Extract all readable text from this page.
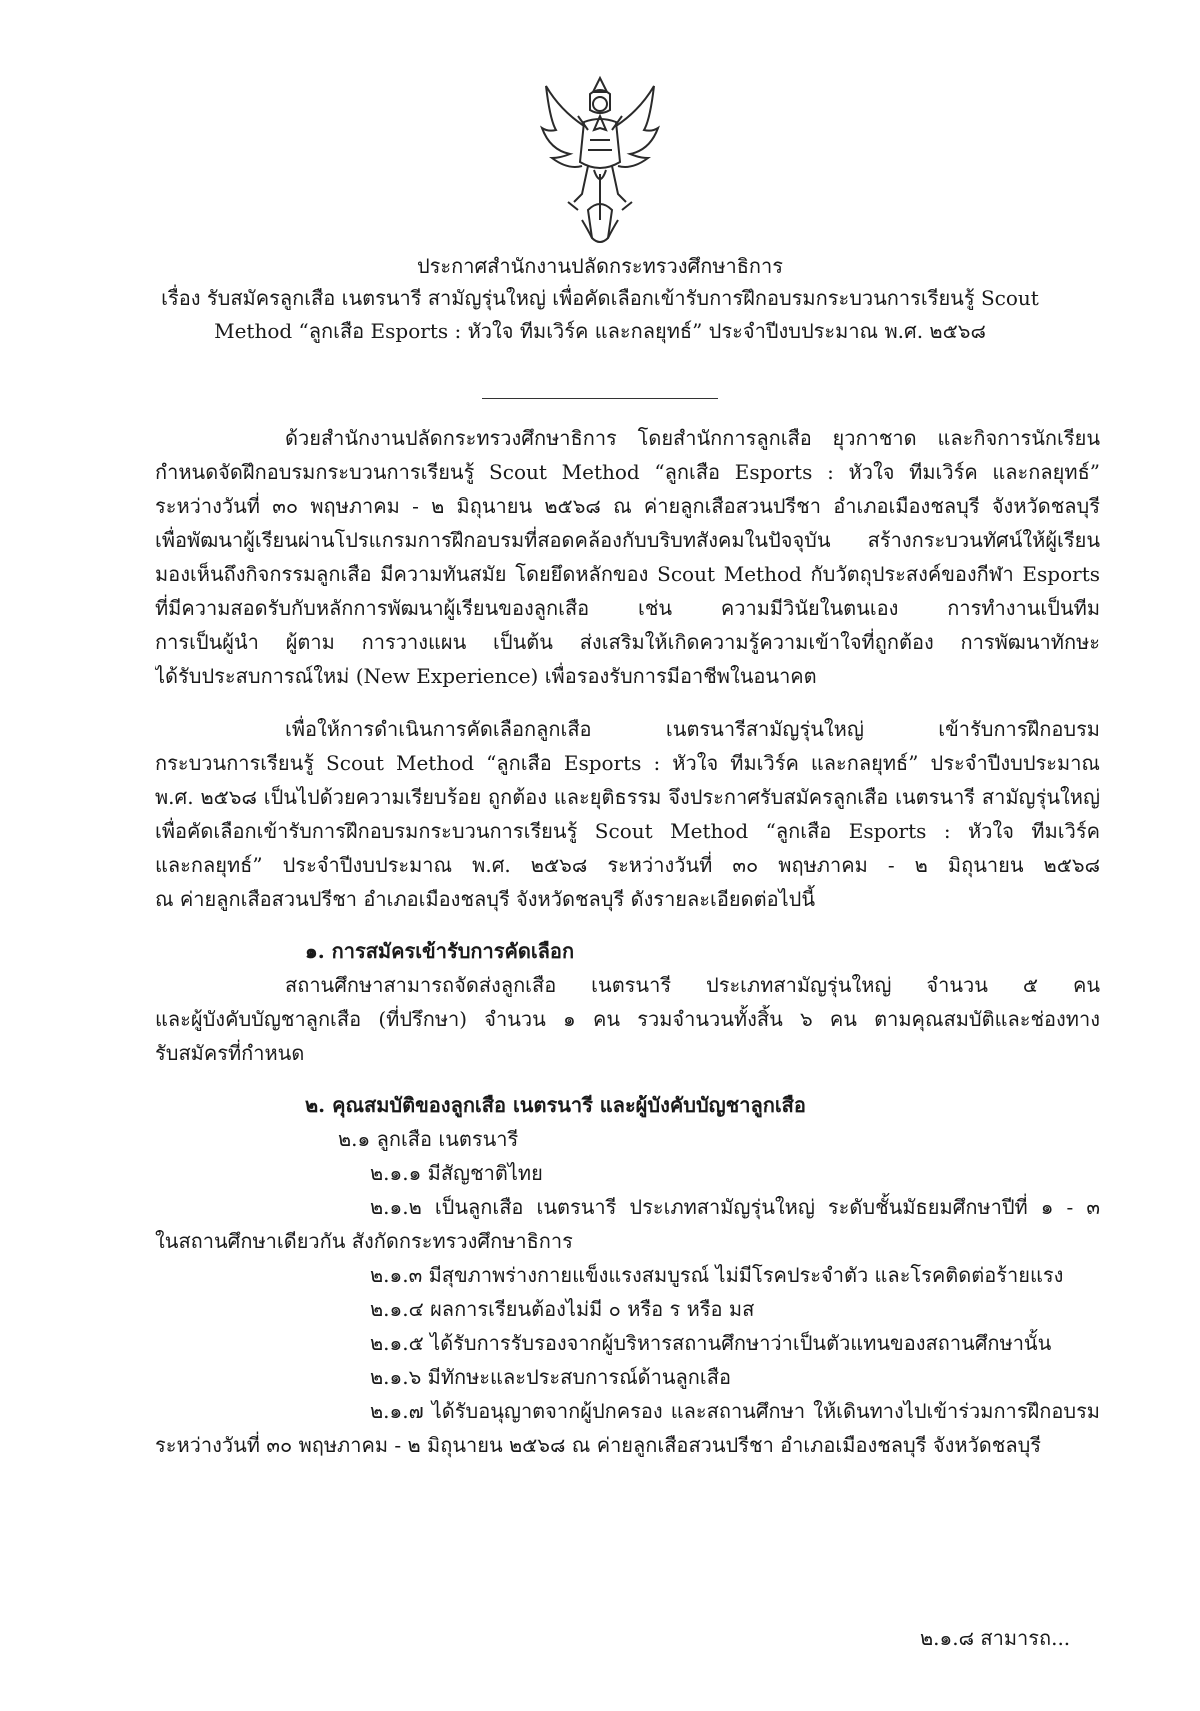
ประกาศสำนักงานปลัดกระทรวงศึกษาธิการ
เรื่อง รับสมัครลูกเสือ เนตรนารี สามัญรุ่นใหญ่ เพื่อคัดเลือกเข้ารับการฝึกอบรมกระบวนการเรียนรู้ Scout
Method “ลูกเสือ Esports : หัวใจ ทีมเวิร์ค และกลยุทธ์” ประจำปีงบประมาณ พ.ศ. ๒๕๖๘
ด้วยสำนักงานปลัดกระทรวงศึกษาธิการ โดยสำนักการลูกเสือ ยุวกาชาด และกิจการนักเรียน
กำหนดจัดฝึกอบรมกระบวนการเรียนรู้ Scout Method “ลูกเสือ Esports : หัวใจ ทีมเวิร์ค และกลยุทธ์”
ระหว่างวันที่ ๓๐ พฤษภาคม - ๒ มิถุนายน ๒๕๖๘ ณ ค่ายลูกเสือสวนปรีชา อำเภอเมืองชลบุรี จังหวัดชลบุรี
เพื่อพัฒนาผู้เรียนผ่านโปรแกรมการฝึกอบรมที่สอดคล้องกับบริบทสังคมในปัจจุบัน สร้างกระบวนทัศน์ให้ผู้เรียน
มองเห็นถึงกิจกรรมลูกเสือ มีความทันสมัย โดยยึดหลักของ Scout Method กับวัตถุประสงค์ของกีฬา Esports
ที่มีความสอดรับกับหลักการพัฒนาผู้เรียนของลูกเสือ เช่น ความมีวินัยในตนเอง การทำงานเป็นทีม
การเป็นผู้นำ ผู้ตาม การวางแผน เป็นต้น ส่งเสริมให้เกิดความรู้ความเข้าใจที่ถูกต้อง การพัฒนาทักษะ
ได้รับประสบการณ์ใหม่ (New Experience) เพื่อรองรับการมีอาชีพในอนาคต
เพื่อให้การดำเนินการคัดเลือกลูกเสือ เนตรนารีสามัญรุ่นใหญ่ เข้ารับการฝึกอบรม
กระบวนการเรียนรู้ Scout Method “ลูกเสือ Esports : หัวใจ ทีมเวิร์ค และกลยุทธ์” ประจำปีงบประมาณ
พ.ศ. ๒๕๖๘ เป็นไปด้วยความเรียบร้อย ถูกต้อง และยุติธรรม จึงประกาศรับสมัครลูกเสือ เนตรนารี สามัญรุ่นใหญ่
เพื่อคัดเลือกเข้ารับการฝึกอบรมกระบวนการเรียนรู้ Scout Method “ลูกเสือ Esports : หัวใจ ทีมเวิร์ค
และกลยุทธ์” ประจำปีงบประมาณ พ.ศ. ๒๕๖๘ ระหว่างวันที่ ๓๐ พฤษภาคม - ๒ มิถุนายน ๒๕๖๘
ณ ค่ายลูกเสือสวนปรีชา อำเภอเมืองชลบุรี จังหวัดชลบุรี ดังรายละเอียดต่อไปนี้
๑. การสมัครเข้ารับการคัดเลือก
สถานศึกษาสามารถจัดส่งลูกเสือ เนตรนารี ประเภทสามัญรุ่นใหญ่ จำนวน ๕ คน
และผู้บังคับบัญชาลูกเสือ (ที่ปรึกษา) จำนวน ๑ คน รวมจำนวนทั้งสิ้น ๖ คน ตามคุณสมบัติและช่องทาง
รับสมัครที่กำหนด
๒. คุณสมบัติของลูกเสือ เนตรนารี และผู้บังคับบัญชาลูกเสือ
๒.๑ ลูกเสือ เนตรนารี
๒.๑.๑ มีสัญชาติไทย
๒.๑.๒ เป็นลูกเสือ เนตรนารี ประเภทสามัญรุ่นใหญ่ ระดับชั้นมัธยมศึกษาปีที่ ๑ - ๓
ในสถานศึกษาเดียวกัน สังกัดกระทรวงศึกษาธิการ
๒.๑.๓ มีสุขภาพร่างกายแข็งแรงสมบูรณ์ ไม่มีโรคประจำตัว และโรคติดต่อร้ายแรง
๒.๑.๔ ผลการเรียนต้องไม่มี ๐ หรือ ร หรือ มส
๒.๑.๕ ได้รับการรับรองจากผู้บริหารสถานศึกษาว่าเป็นตัวแทนของสถานศึกษานั้น
๒.๑.๖ มีทักษะและประสบการณ์ด้านลูกเสือ
๒.๑.๗ ได้รับอนุญาตจากผู้ปกครอง และสถานศึกษา ให้เดินทางไปเข้าร่วมการฝึกอบรม
ระหว่างวันที่ ๓๐ พฤษภาคม - ๒ มิถุนายน ๒๕๖๘ ณ ค่ายลูกเสือสวนปรีชา อำเภอเมืองชลบุรี จังหวัดชลบุรี
๒.๑.๘ สามารถ...
